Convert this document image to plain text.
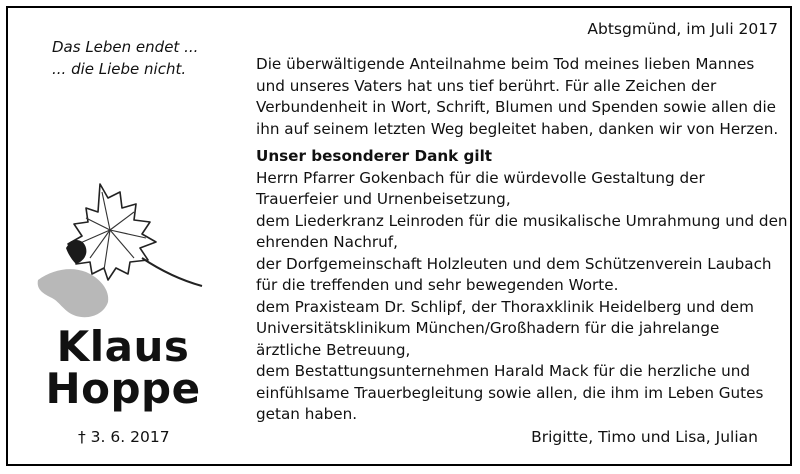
Abtsgmünd, im Juli 2017
Das Leben endet ...
... die Liebe nicht.
Klaus
Hoppe
† 3. 6. 2017
Die überwältigende Anteilnahme beim Tod meines lieben Mannes
und unseres Vaters hat uns tief berührt. Für alle Zeichen der
Verbundenheit in Wort, Schrift, Blumen und Spenden sowie allen die
ihn auf seinem letzten Weg begleitet haben, danken wir von Herzen.
Unser besonderer Dank gilt
Herrn Pfarrer Gokenbach für die würdevolle Gestaltung der
Trauerfeier und Urnenbeisetzung,
dem Liederkranz Leinroden für die musikalische Umrahmung und den
ehrenden Nachruf,
der Dorfgemeinschaft Holzleuten und dem Schützenverein Laubach
für die treffenden und sehr bewegenden Worte.
dem Praxisteam Dr. Schlipf, der Thoraxklinik Heidelberg und dem
Universitätsklinikum München/Großhadern für die jahrelange
ärztliche Betreuung,
dem Bestattungsunternehmen Harald Mack für die herzliche und
einfühlsame Trauerbegleitung sowie allen, die ihm im Leben Gutes
getan haben.
Brigitte, Timo und Lisa, Julian
